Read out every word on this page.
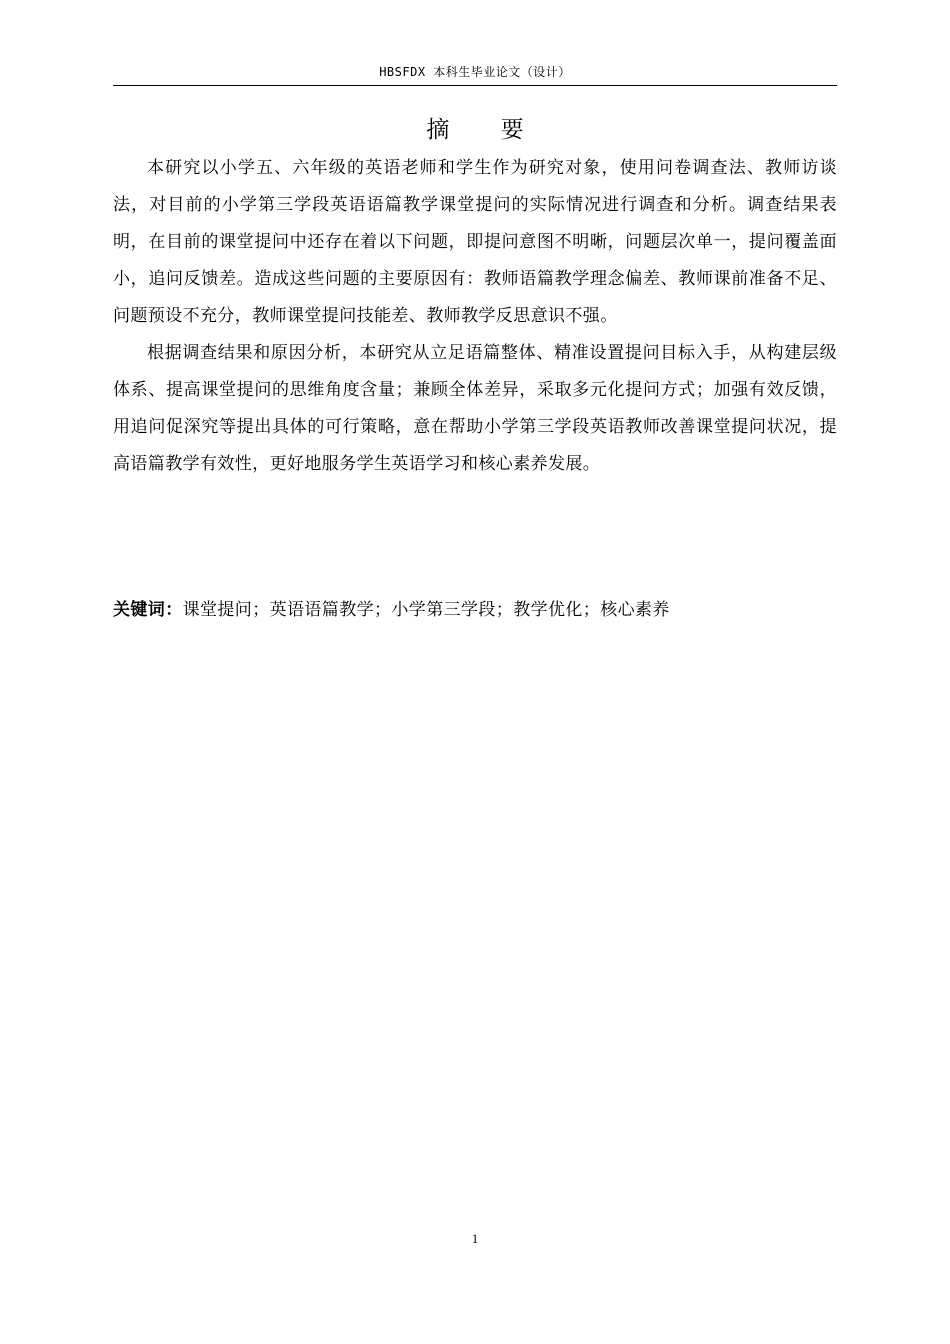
HBSFDX 本科生毕业论文（设计）
摘 要

本研究以小学五、六年级的英语老师和学生作为研究对象，使用问卷调查法、教师访谈法，对目前的小学第三学段英语语篇教学课堂提问的实际情况进行调查和分析。调查结果表明，在目前的课堂提问中还存在着以下问题，即提问意图不明晰，问题层次单一，提问覆盖面小，追问反馈差。造成这些问题的主要原因有：教师语篇教学理念偏差、教师课前准备不足、问题预设不充分，教师课堂提问技能差、教师教学反思意识不强。

根据调查结果和原因分析，本研究从立足语篇整体、精准设置提问目标入手，从构建层级体系、提高课堂提问的思维角度含量；兼顾全体差异，采取多元化提问方式；加强有效反馈，用追问促深究等提出具体的可行策略，意在帮助小学第三学段英语教师改善课堂提问状况，提高语篇教学有效性，更好地服务学生英语学习和核心素养发展。

关键词：课堂提问；英语语篇教学；小学第三学段；教学优化；核心素养
1
